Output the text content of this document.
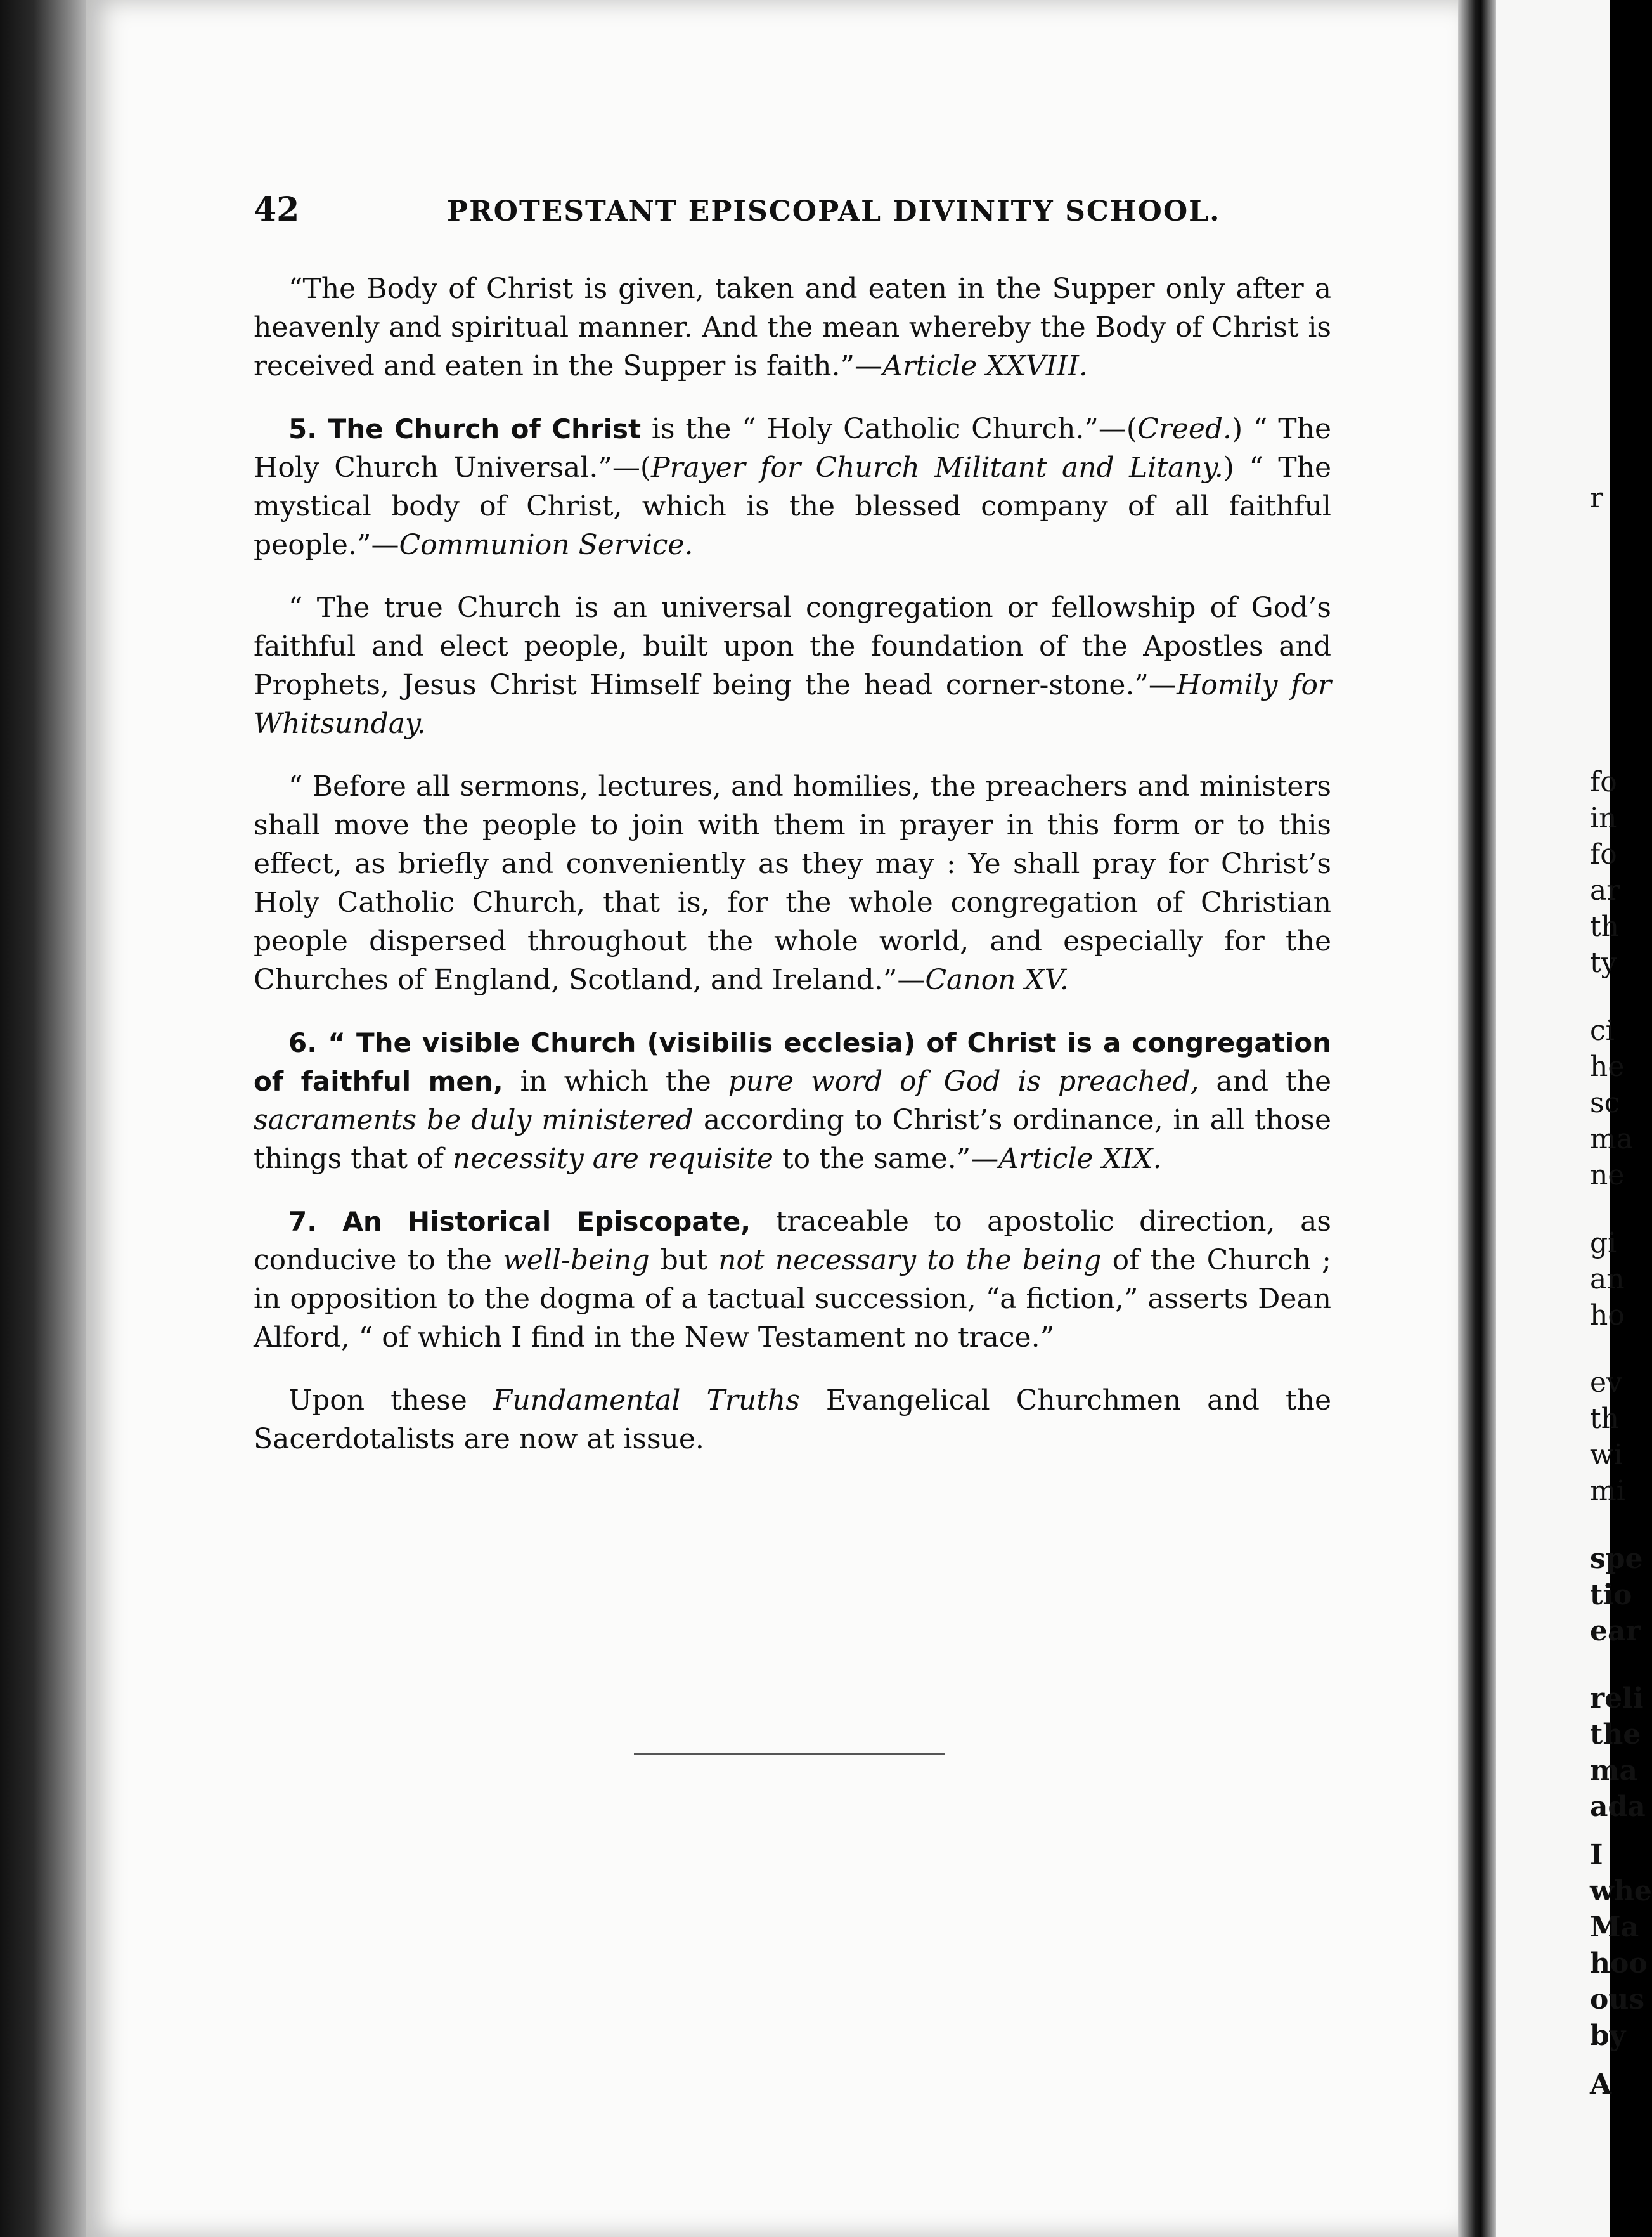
42	PROTESTANT EPISCOPAL DIVINITY SCHOOL.

“The Body of Christ is given, taken and eaten in the Supper only after a heavenly and spiritual manner. And the mean whereby the Body of Christ is received and eaten in the Supper is faith.”—Article XXVIII.

5. The Church of Christ is the “ Holy Catholic Church.”—(Creed.) “ The Holy Church Universal.”—(Prayer for Church Militant and Litany.) “ The mystical body of Christ, which is the blessed company of all faithful people.”—Communion Service.

“ The true Church is an universal congregation or fellowship of God’s faithful and elect people, built upon the foundation of the Apostles and Prophets, Jesus Christ Himself being the head corner-stone.”—Homily for Whitsunday.

“ Before all sermons, lectures, and homilies, the preachers and ministers shall move the people to join with them in prayer in this form or to this effect, as briefly and conveniently as they may : Ye shall pray for Christ’s Holy Catholic Church, that is, for the whole congregation of Christian people dispersed throughout the whole world, and especially for the Churches of England, Scotland, and Ireland.”—Canon XV.

6. “ The visible Church (visibilis ecclesia) of Christ is a congregation of faithful men, in which the pure word of God is preached, and the sacraments be duly ministered according to Christ’s ordinance, in all those things that of necessity are requisite to the same.”—Article XIX.

7. An Historical Episcopate, traceable to apostolic direction, as conducive to the well-being but not necessary to the being of the Church ; in opposition to the dogma of a tactual succession, “a fiction,” asserts Dean Alford, “ of which I find in the New Testament no trace.”

Upon these Fundamental Truths Evangelical Churchmen and the Sacerdotalists are now at issue.

r
fo
in
fo
ar
th
ty
ci
he
sc
ma
ne
gi
an
ho
ev
th
wi
mi
spe
tio
ear
reli
the
ma
ada
I
whe
Ma
hoo
ous
by
A
